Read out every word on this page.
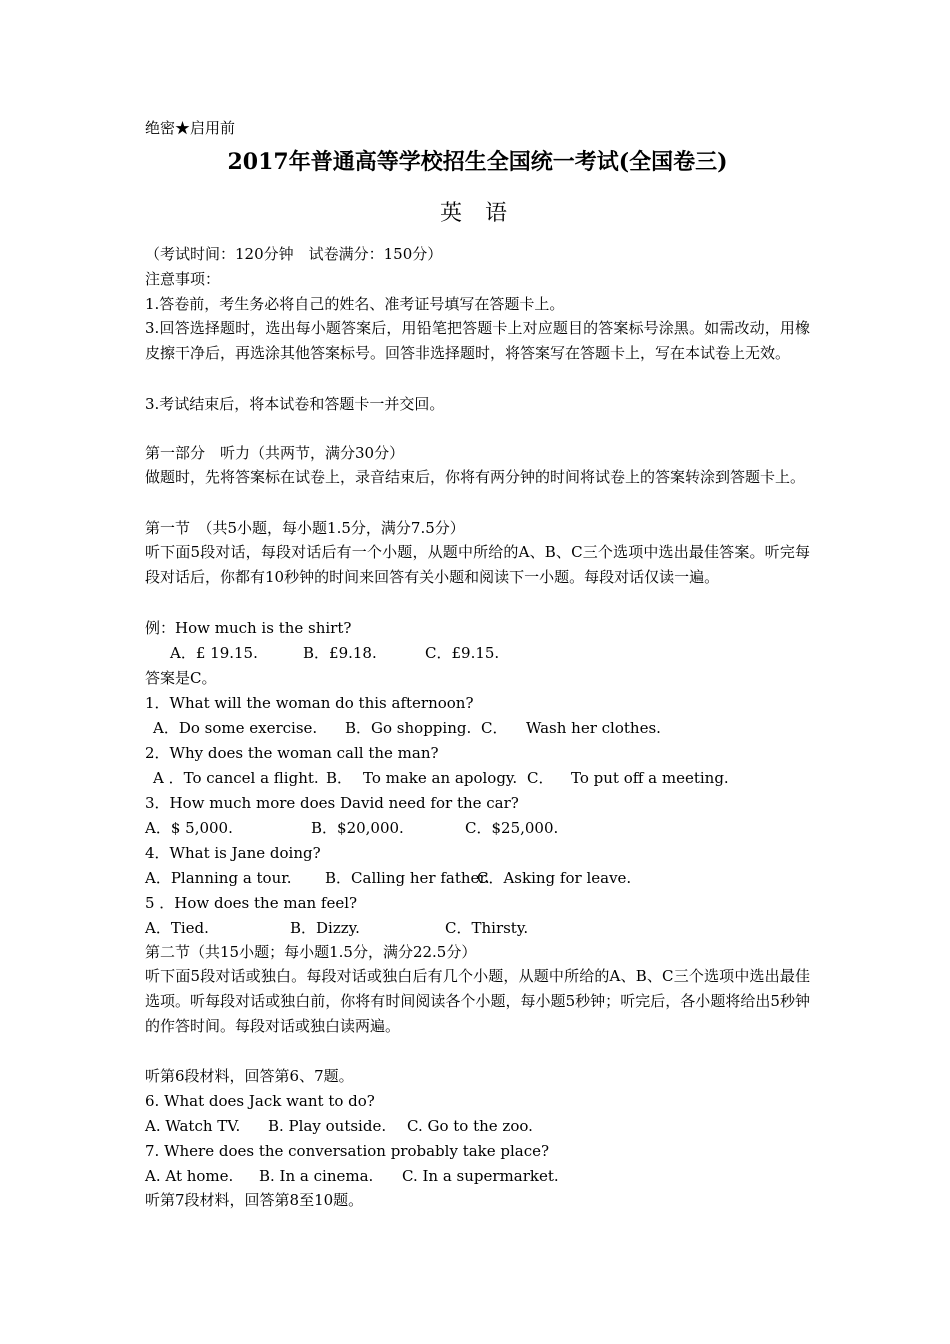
绝密★启用前
2017年普通高等学校招生全国统一考试(全国卷三)
英 语
（考试时间：120分钟　试卷满分：150分）
注意事项：
1.答卷前，考生务必将自己的姓名、准考证号填写在答题卡上。
3.回答选择题时，选出每小题答案后，用铅笔把答题卡上对应题目的答案标号涂黑。如需改动，用橡皮擦干净后，再选涂其他答案标号。回答非选择题时，将答案写在答题卡上，写在本试卷上无效。
3.考试结束后，将本试卷和答题卡一并交回。
第一部分　听力（共两节，满分30分）
做题时，先将答案标在试卷上，录音结束后，你将有两分钟的时间将试卷上的答案转涂到答题卡上。
第一节　（共5小题，每小题1.5分，满分7.5分）
听下面5段对话，每段对话后有一个小题，从题中所给的A、B、C三个选项中选出最佳答案。听完每段对话后，你都有10秒钟的时间来回答有关小题和阅读下一小题。每段对话仅读一遍。
例：How much is the shirt?
A．£ 19.15.	B．£9.18.	C．£9.15.
答案是C。
1．What will the woman do this afternoon?
A．Do some exercise. B．Go shopping. C． Wash her clothes.
2．Why does the woman call the man?
A ．To cancel a flight. B． To make an apology. C． To put off a meeting.
3．How much more does David need for the car?
A．$ 5,000.	B．$20,000.	C．$25,000.
4．What is Jane doing?
A．Planning a tour. B．Calling her father.
C．Asking for leave.
5 ．How does the man feel?
A．Tied.	B．Dizzy.	C．Thirsty.
第二节（共15小题；每小题1.5分，满分22.5分）
听下面5段对话或独白。每段对话或独白后有几个小题，从题中所给的A、B、C三个选项中选出最佳选项。听每段对话或独白前，你将有时间阅读各个小题，每小题5秒钟；听完后，各小题将给出5秒钟的作答时间。每段对话或独白读两遍。
听第6段材料，回答第6、7题。
6. What does Jack want to do?
A. Watch TV. B. Play outside. C. Go to the zoo.
7. Where does the conversation probably take place?
A. At home. B. In a cinema. C. In a supermarket.
听第7段材料，回答第8至10题。
